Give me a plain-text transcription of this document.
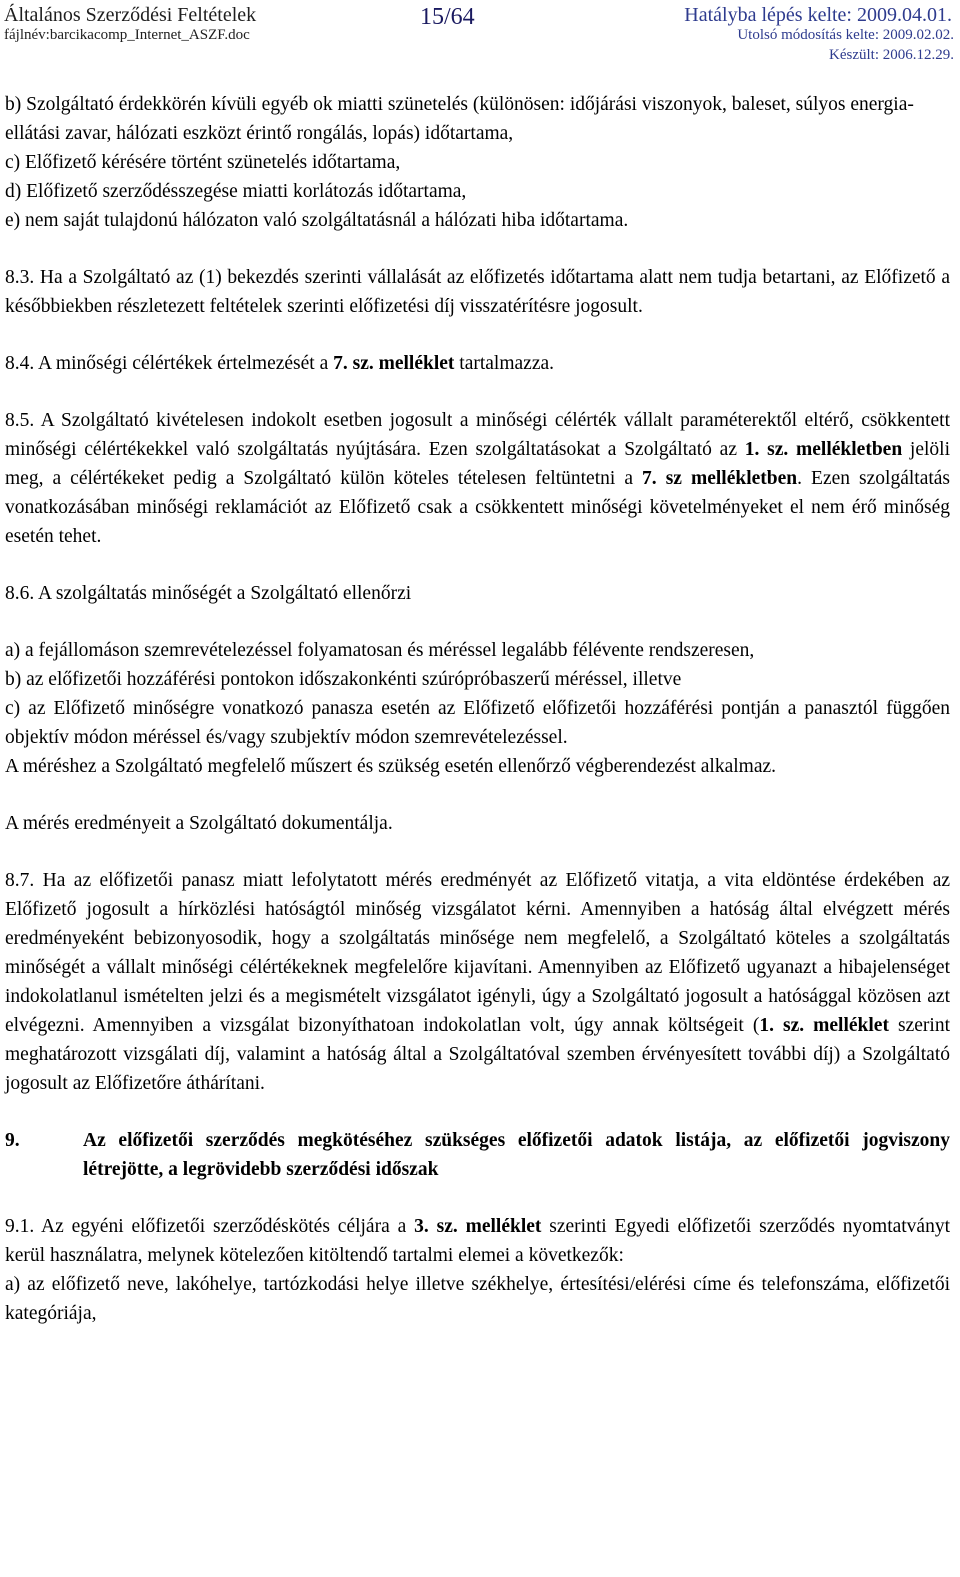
Általános Szerződési Feltételek
fájlnév:barcikacomp_Internet_ASZF.doc
15/64	Hatályba lépés kelte: 2009.04.01.
Utolsó módosítás kelte: 2009.02.02.
Készült: 2006.12.29.

b) Szolgáltató érdekkörén kívüli egyéb ok miatti szünetelés (különösen: időjárási viszonyok, baleset, súlyos energia-ellátási zavar, hálózati eszközt érintő rongálás, lopás) időtartama,

c) Előfizető kérésére történt szünetelés időtartama,

d) Előfizető szerződésszegése miatti korlátozás időtartama,

e) nem saját tulajdonú hálózaton való szolgáltatásnál a hálózati hiba időtartama.

8.3. Ha a Szolgáltató az (1) bekezdés szerinti vállalását az előfizetés időtartama alatt nem tudja betartani, az Előfizető a későbbiekben részletezett feltételek szerinti előfizetési díj visszatérítésre jogosult.

8.4. A minőségi célértékek értelmezését a 7. sz. melléklet tartalmazza.

8.5. A Szolgáltató kivételesen indokolt esetben jogosult a minőségi célérték vállalt paraméterektől eltérő, csökkentett minőségi célértékekkel való szolgáltatás nyújtására. Ezen szolgáltatásokat a Szolgáltató az 1. sz. mellékletben jelöli meg, a célértékeket pedig a Szolgáltató külön köteles tételesen feltüntetni a 7. sz mellékletben. Ezen szolgáltatás vonatkozásában minőségi reklamációt az Előfizető csak a csökkentett minőségi követelményeket el nem érő minőség esetén tehet.

8.6. A szolgáltatás minőségét a Szolgáltató ellenőrzi

a) a fejállomáson szemrevételezéssel folyamatosan és méréssel legalább félévente rendszeresen,

b) az előfizetői hozzáférési pontokon időszakonkénti szúrópróbaszerű méréssel, illetve

c) az Előfizető minőségre vonatkozó panasza esetén az Előfizető előfizetői hozzáférési pontján a panasztól függően objektív módon méréssel és/vagy szubjektív módon szemrevételezéssel.

A méréshez a Szolgáltató megfelelő műszert és szükség esetén ellenőrző végberendezést alkalmaz.

A mérés eredményeit a Szolgáltató dokumentálja.

8.7. Ha az előfizetői panasz miatt lefolytatott mérés eredményét az Előfizető vitatja, a vita eldöntése érdekében az Előfizető jogosult a hírközlési hatóságtól minőség vizsgálatot kérni. Amennyiben a hatóság által elvégzett mérés eredményeként bebizonyosodik, hogy a szolgáltatás minősége nem megfelelő, a Szolgáltató köteles a szolgáltatás minőségét a vállalt minőségi célértékeknek megfelelőre kijavítani. Amennyiben az Előfizető ugyanazt a hibajelenséget indokolatlanul ismételten jelzi és a megismételt vizsgálatot igényli, úgy a Szolgáltató jogosult a hatósággal közösen azt elvégezni. Amennyiben a vizsgálat bizonyíthatoan indokolatlan volt, úgy annak költségeit (1. sz. melléklet szerint meghatározott vizsgálati díj, valamint a hatóság által a Szolgáltatóval szemben érvényesített további díj) a Szolgáltató jogosult az Előfizetőre áthárítani.

9.	Az előfizetői szerződés megkötéséhez szükséges előfizetői adatok listája, az előfizetői jogviszony létrejötte, a legrövidebb szerződési időszak

9.1. Az egyéni előfizetői szerződéskötés céljára a 3. sz. melléklet szerinti Egyedi előfizetői szerződés nyomtatványt kerül használatra, melynek kötelezően kitöltendő tartalmi elemei a következők:

a) az előfizető neve, lakóhelye, tartózkodási helye illetve székhelye, értesítési/elérési címe és telefonszáma, előfizetői kategóriája,
